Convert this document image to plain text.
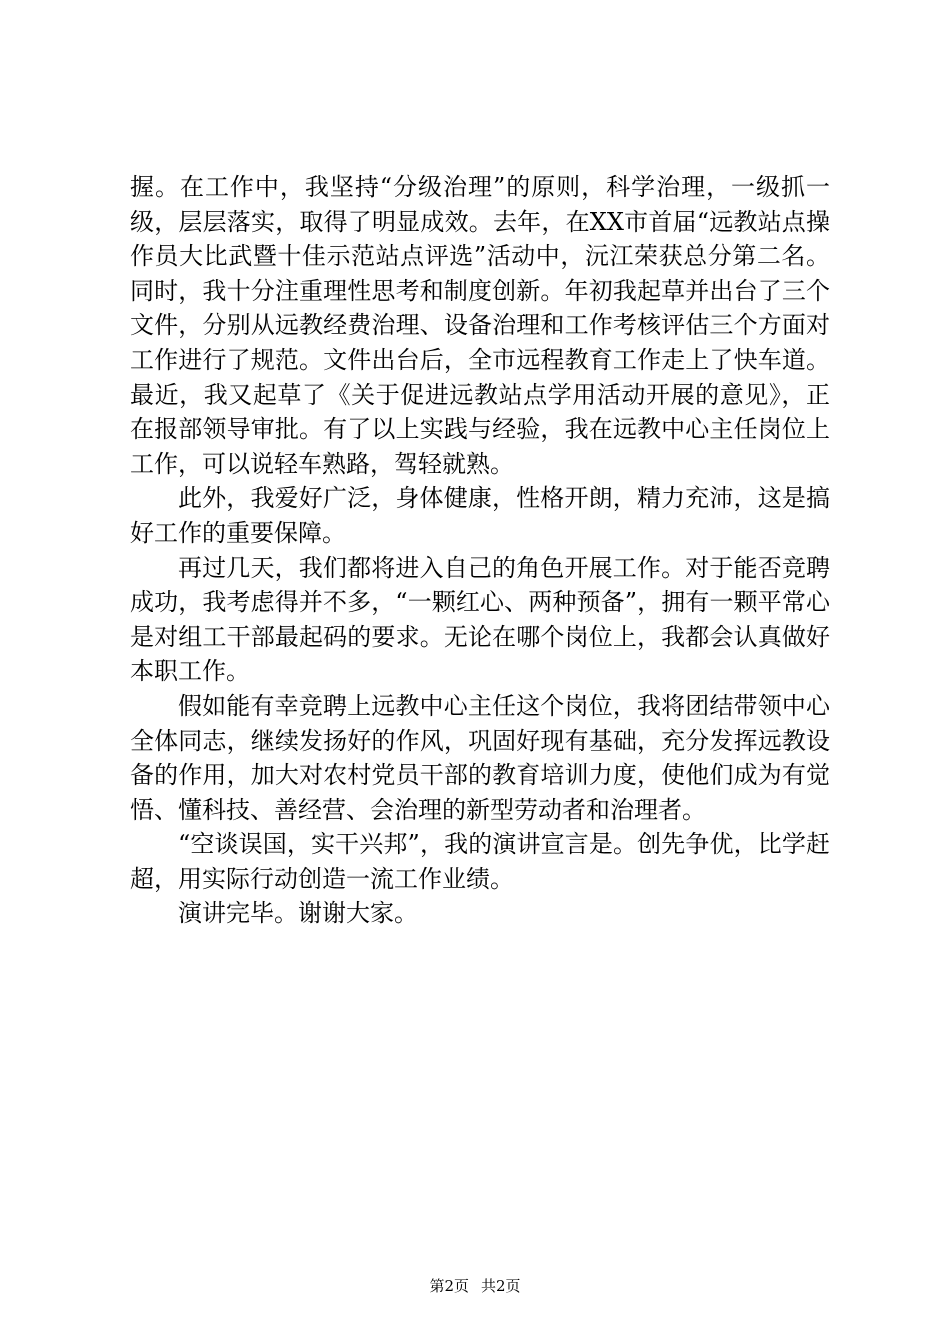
握。在工作中，我坚持“分级治理”的原则，科学治理，一级抓一级，层层落实，取得了明显成效。去年，在XX市首届“远教站点操作员大比武暨十佳示范站点评选”活动中，沅江荣获总分第二名。同时，我十分注重理性思考和制度创新。年初我起草并出台了三个文件，分别从远教经费治理、设备治理和工作考核评估三个方面对工作进行了规范。文件出台后，全市远程教育工作走上了快车道。最近，我又起草了《关于促进远教站点学用活动开展的意见》，正在报部领导审批。有了以上实践与经验，我在远教中心主任岗位上工作，可以说轻车熟路，驾轻就熟。

此外，我爱好广泛，身体健康，性格开朗，精力充沛，这是搞好工作的重要保障。

再过几天，我们都将进入自己的角色开展工作。对于能否竞聘成功，我考虑得并不多，“一颗红心、两种预备”，拥有一颗平常心是对组工干部最起码的要求。无论在哪个岗位上，我都会认真做好本职工作。

假如能有幸竞聘上远教中心主任这个岗位，我将团结带领中心全体同志，继续发扬好的作风，巩固好现有基础，充分发挥远教设备的作用，加大对农村党员干部的教育培训力度，使他们成为有觉悟、懂科技、善经营、会治理的新型劳动者和治理者。

“空谈误国，实干兴邦”，我的演讲宣言是。创先争优，比学赶超，用实际行动创造一流工作业绩。

演讲完毕。谢谢大家。

第2页 共2页
